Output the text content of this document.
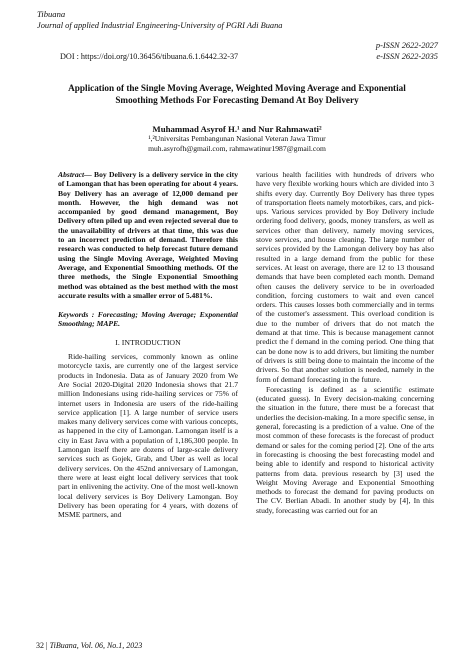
Tibuana
Journal of applied Industrial Engineering-University of PGRI Adi Buana
p-ISSN 2622-2027
DOI : https://doi.org/10.36456/tibuana.6.1.6442.32-37	e-ISSN 2622-2035
Application of the Single Moving Average, Weighted Moving Average and Exponential Smoothing Methods For Forecasting Demand At Boy Delivery
Muhammad Asyrof H.¹ and Nur Rahmawati²
¹,²Universitas Pembangunan Nasional Veteran Jawa Timur
muh.asyrofh@gmail.com, rahmawatinur1987@gmail.com

Abstract— Boy Delivery is a delivery service in the city of Lamongan that has been operating for about 4 years. Boy Delivery has an average of 12,000 demand per month. However, the high demand was not accompanied by good demand management, Boy Delivery often piled up and even rejected several due to the unavailability of drivers at that time, this was due to an incorrect prediction of demand. Therefore this research was conducted to help forecast future demand using the Single Moving Average, Weighted Moving Average, and Exponential Smoothing methods. Of the three methods, the Single Exponential Smoothing method was obtained as the best method with the most accurate results with a smaller error of 5.481%.

Keywords : Forecasting; Moving Average; Exponential Smoothing; MAPE.

I. INTRODUCTION

Ride-hailing services, commonly known as online motorcycle taxis, are currently one of the largest service products in Indonesia. Data as of January 2020 from We Are Social 2020-Digital 2020 Indonesia shows that 21.7 million Indonesians using ride-hailing services or 75% of internet users in Indonesia are users of the ride-hailing service application [1]. A large number of service users makes many delivery services come with various concepts, as happened in the city of Lamongan. Lamongan itself is a city in East Java with a population of 1,186,300 people. In Lamongan itself there are dozens of large-scale delivery services such as Gojek, Grab, and Uber as well as local delivery services. On the 452nd anniversary of Lamongan, there were at least eight local delivery services that took part in enlivening the activity. One of the most well-known local delivery services is Boy Delivery Lamongan. Boy Delivery has been operating for 4 years, with dozens of MSME partners, and

various health facilities with hundreds of drivers who have very flexible working hours which are divided into 3 shifts every day. Currently Boy Delivery has three types of transportation fleets namely motorbikes, cars, and pick-ups. Various services provided by Boy Delivery include ordering food delivery, goods, money transfers, as well as services other than delivery, namely moving services, stove services, and house cleaning. The large number of services provided by the Lamongan delivery boy has also resulted in a large demand from the public for these services. At least on average, there are 12 to 13 thousand demands that have been completed each month. Demand often causes the delivery service to be in overloaded condition, forcing customers to wait and even cancel orders. This causes losses both commercially and in terms of the customer's assessment. This overload condition is due to the number of drivers that do not match the demand at that time. This is because management cannot predict the f demand in the coming period. One thing that can be done now is to add drivers, but limiting the number of drivers is still being done to maintain the income of the drivers. So that another solution is needed, namely in the form of demand forecasting in the future.

Forecasting is defined as a scientific estimate (educated guess). In Every decision-making concerning the situation in the future, there must be a forecast that underlies the decision-making. In a more specific sense, in general, forecasting is a prediction of a value. One of the most common of these forecasts is the forecast of product demand or sales for the coming period [2]. One of the arts in forecasting is choosing the best forecasting model and being able to identify and respond to historical activity patterns from data. previous research by [3] used the Weight Moving Average and Exponential Smoothing methods to forecast the demand for paving products on The CV. Berlian Abadi. In another study by [4], In this study, forecasting was carried out for an

32 | TiBuana, Vol. 06, No.1, 2023
